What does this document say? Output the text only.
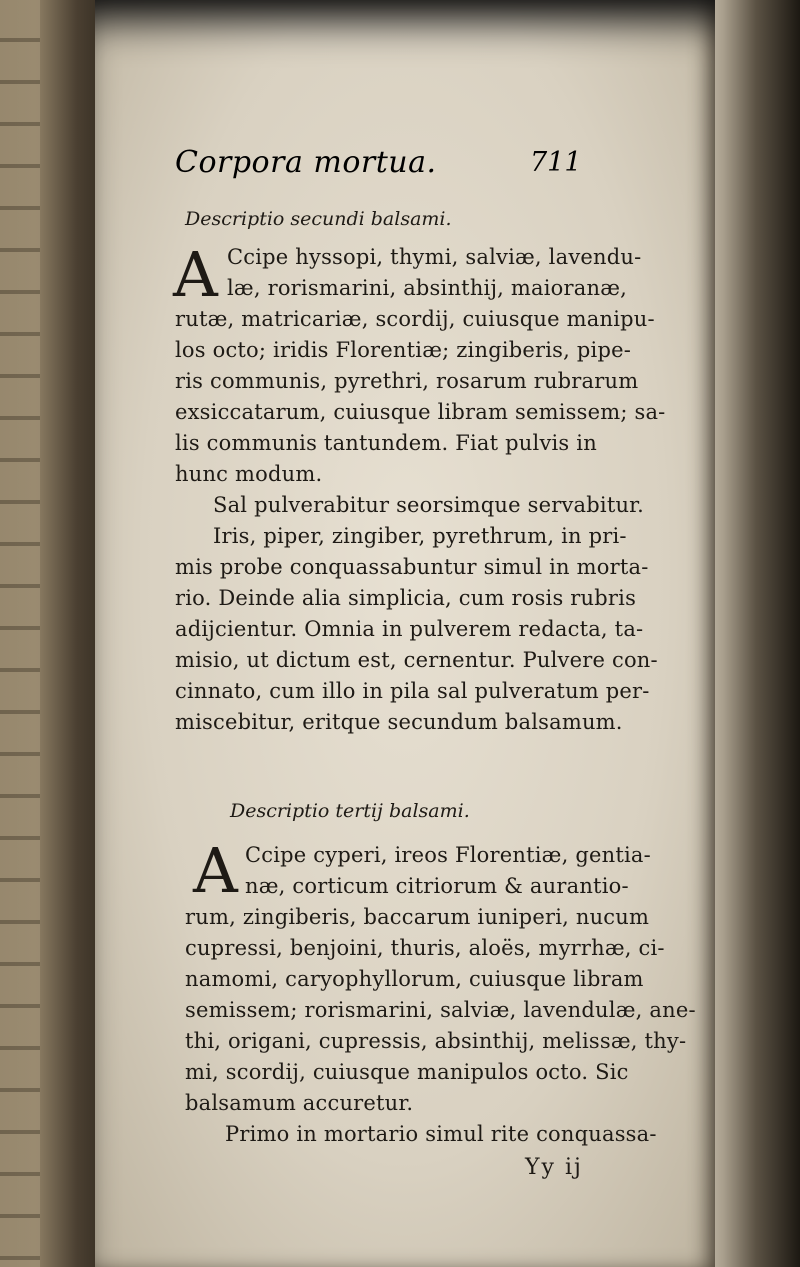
Corpora mortua.	711
Descriptio secundi balsami.
A Ccipe hyssopi, thymi, salviæ, lavendu-
læ, rorismarini, absinthij, maioranæ,
rutæ, matricariæ, scordij, cuiusque manipu-
los octo; iridis Florentiæ; zingiberis, pipe-
ris communis, pyrethri, rosarum rubrarum
exsiccatarum, cuiusque libram semissem; sa-
lis communis tantundem. Fiat pulvis in
hunc modum.
Sal pulverabitur seorsimque servabitur.
Iris, piper, zingiber, pyrethrum, in pri-
mis probe conquassabuntur simul in morta-
rio. Deinde alia simplicia, cum rosis rubris
adijcientur. Omnia in pulverem redacta, ta-
misio, ut dictum est, cernentur. Pulvere con-
cinnato, cum illo in pila sal pulveratum per-
miscebitur, eritque secundum balsamum.
Descriptio tertij balsami.
A Ccipe cyperi, ireos Florentiæ, gentia-
næ, corticum citriorum & aurantio-
rum, zingiberis, baccarum iuniperi, nucum
cupressi, benjoini, thuris, aloës, myrrhæ, ci-
namomi, caryophyllorum, cuiusque libram
semissem; rorismarini, salviæ, lavendulæ, ane-
thi, origani, cupressis, absinthij, melissæ, thy-
mi, scordij, cuiusque manipulos octo. Sic
balsamum accuretur.
Primo in mortario simul rite conquassa-
Yy ij
